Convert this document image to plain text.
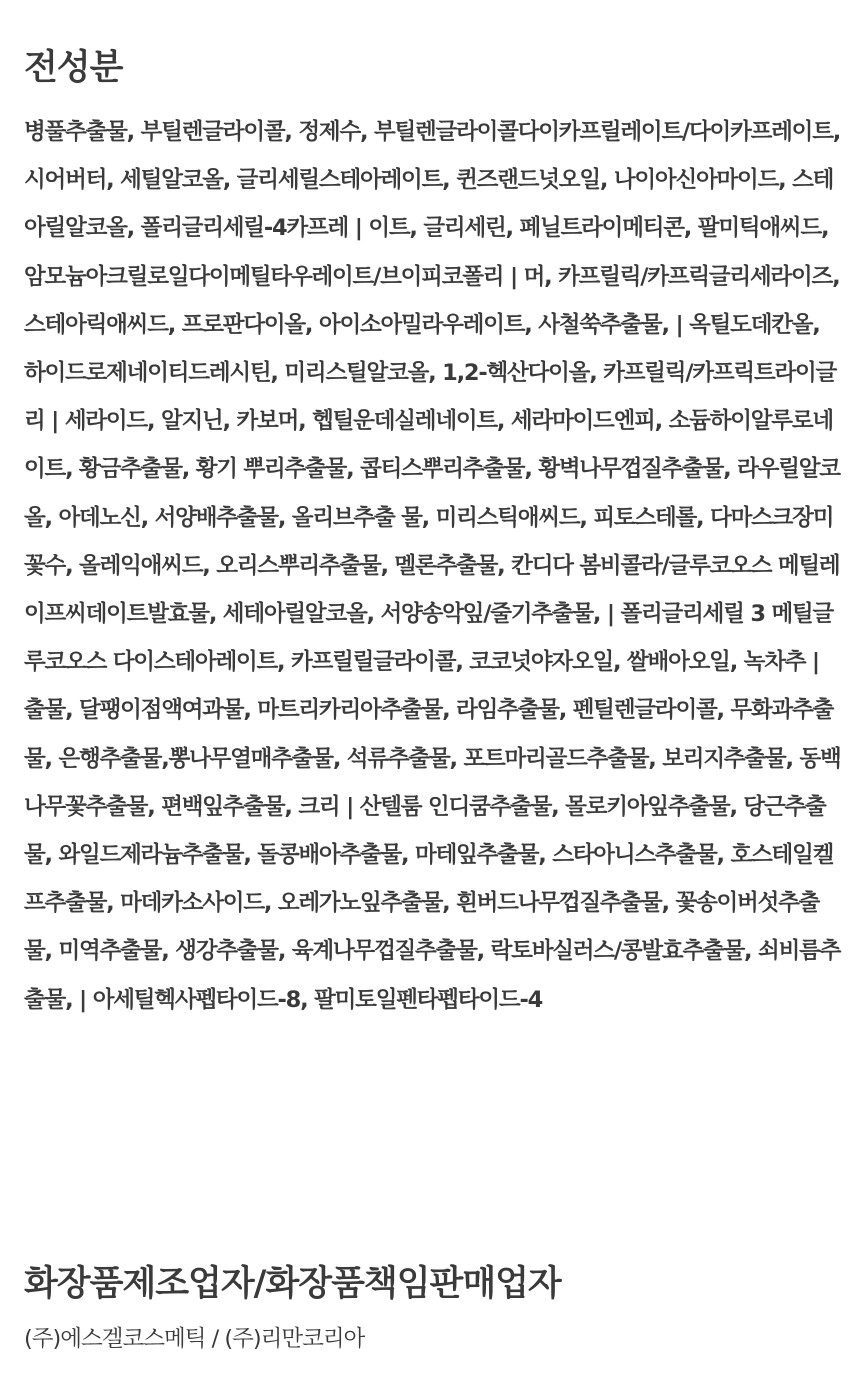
전성분

병풀추출물, 부틸렌글라이콜, 정제수, 부틸렌글라이콜다이카프릴레이트/다이카프레이트, 시어버터, 세틸알코올, 글리세릴스테아레이트, 퀸즈랜드넛오일, 나이아신아마이드, 스테아릴알코올, 폴리글리세릴-4카프레 | 이트, 글리세린, 페닐트라이메티콘, 팔미틱애씨드, 암모늄아크릴로일다이메틸타우레이트/브이피코폴리 | 머, 카프릴릭/카프릭글리세라이즈, 스테아릭애씨드, 프로판다이올, 아이소아밀라우레이트, 사철쑥추출물, | 옥틸도데칸올, 하이드로제네이티드레시틴, 미리스틸알코올, 1,2-헥산다이올, 카프릴릭/카프릭트라이글리 | 세라이드, 알지닌, 카보머, 헵틸운데실레네이트, 세라마이드엔피, 소듐하이알루로네이트, 황금추출물, 황기 뿌리추출물, 콥티스뿌리추출물, 황벽나무껍질추출물, 라우릴알코올, 아데노신, 서양배추출물, 올리브추출 물, 미리스틱애씨드, 피토스테롤, 다마스크장미꽃수, 올레익애씨드, 오리스뿌리추출물, 멜론추출물, 칸디다 봄비콜라/글루코오스 메틸레이프씨데이트발효물, 세테아릴알코올, 서양송악잎/줄기추출물, | 폴리글리세릴 3 메틸글루코오스 다이스테아레이트, 카프릴릴글라이콜, 코코넛야자오일, 쌀배아오일, 녹차추 | 출물, 달팽이점액여과물, 마트리카리아추출물, 라임추출물, 펜틸렌글라이콜, 무화과추출물, 은행추출물,뽕나무열매추출물, 석류추출물, 포트마리골드추출물, 보리지추출물, 동백나무꽃추출물, 편백잎추출물, 크리 | 산텔룸 인디쿰추출물, 몰로키아잎추출물, 당근추출물, 와일드제라늄추출물, 돌콩배아추출물, 마테잎추출물, 스타아니스추출물, 호스테일켈프추출물, 마데카소사이드, 오레가노잎추출물, 흰버드나무껍질추출물, 꽃송이버섯추출물, 미역추출물, 생강추출물, 육계나무껍질추출물, 락토바실러스/콩발효추출물, 쇠비름추출물, | 아세틸헥사펩타이드-8, 팔미토일펜타펩타이드-4

화장품제조업자/화장품책임판매업자

(주)에스겔코스메틱 / (주)리만코리아
